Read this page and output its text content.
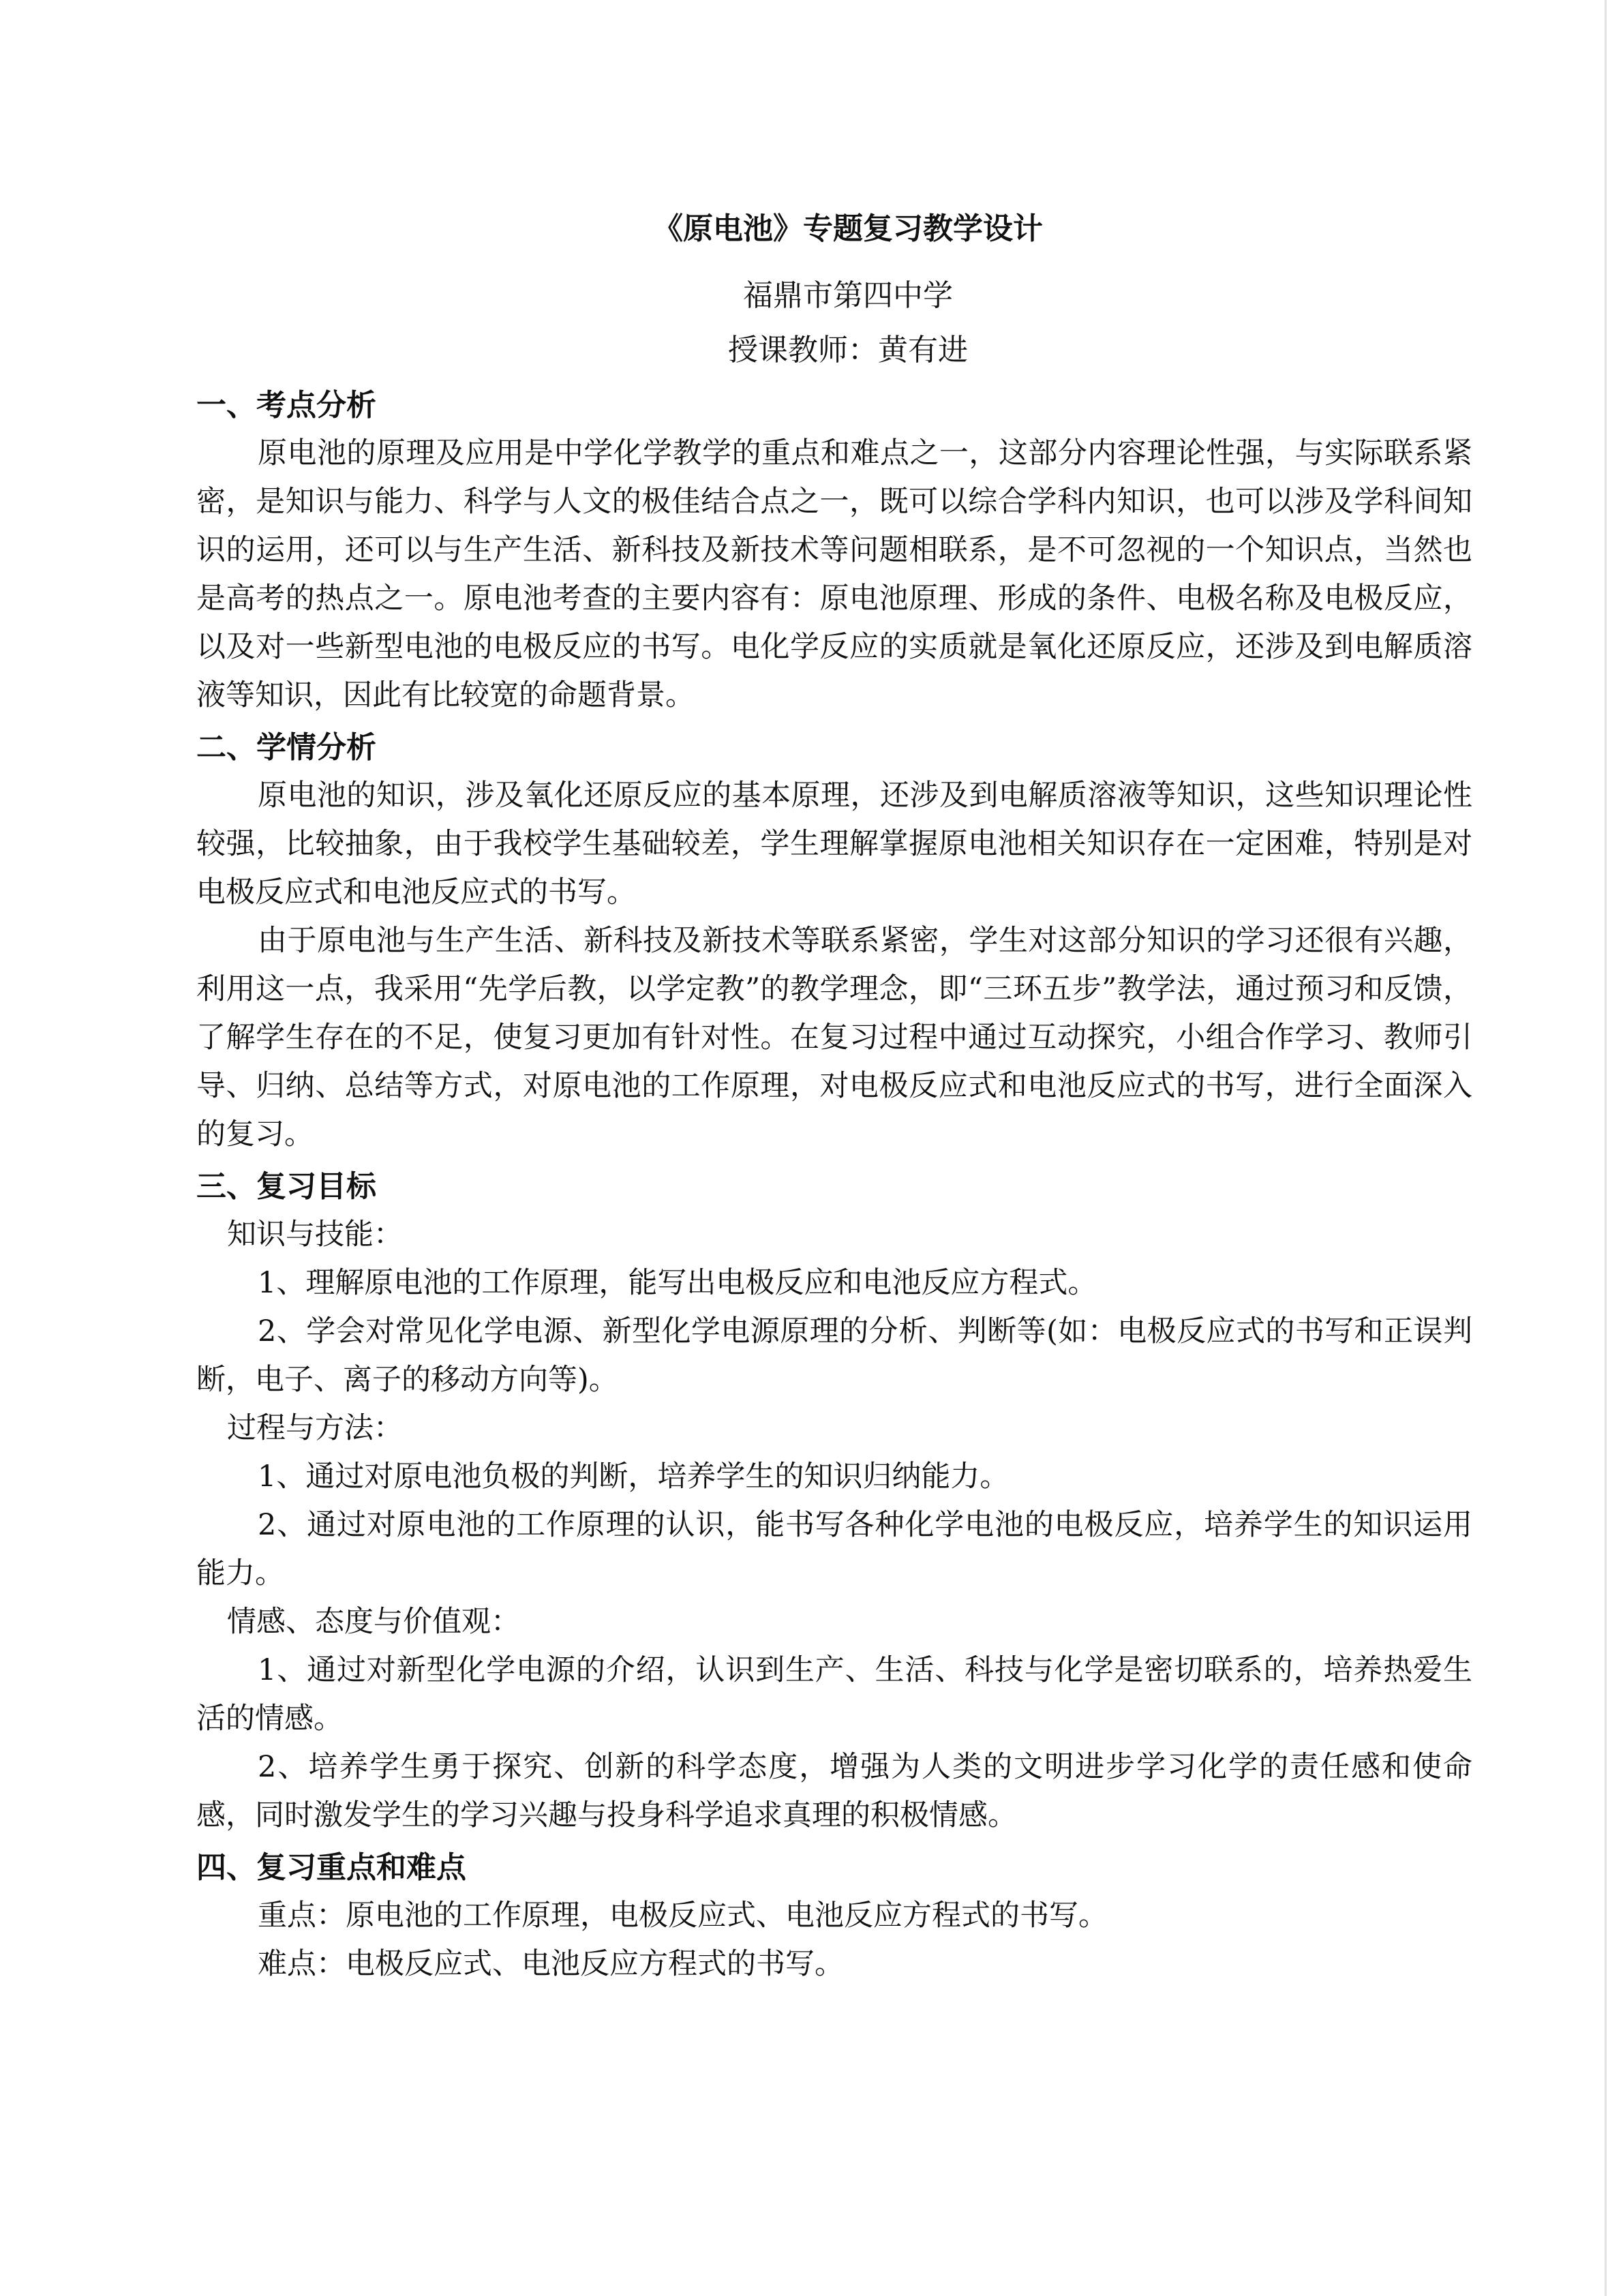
《原电池》专题复习教学设计
福鼎市第四中学
授课教师：黄有进
一、考点分析

原电池的原理及应用是中学化学教学的重点和难点之一，这部分内容理论性强，与实际联系紧密，是知识与能力、科学与人文的极佳结合点之一，既可以综合学科内知识，也可以涉及学科间知识的运用，还可以与生产生活、新科技及新技术等问题相联系，是不可忽视的一个知识点，当然也是高考的热点之一。原电池考查的主要内容有：原电池原理、形成的条件、电极名称及电极反应，以及对一些新型电池的电极反应的书写。电化学反应的实质就是氧化还原反应，还涉及到电解质溶液等知识，因此有比较宽的命题背景。

二、学情分析

原电池的知识，涉及氧化还原反应的基本原理，还涉及到电解质溶液等知识，这些知识理论性较强，比较抽象，由于我校学生基础较差，学生理解掌握原电池相关知识存在一定困难，特别是对电极反应式和电池反应式的书写。

由于原电池与生产生活、新科技及新技术等联系紧密，学生对这部分知识的学习还很有兴趣，利用这一点，我采用“先学后教，以学定教”的教学理念，即“三环五步”教学法，通过预习和反馈，了解学生存在的不足，使复习更加有针对性。在复习过程中通过互动探究，小组合作学习、教师引导、归纳、总结等方式，对原电池的工作原理，对电极反应式和电池反应式的书写，进行全面深入的复习。

三、复习目标
知识与技能：

1、理解原电池的工作原理，能写出电极反应和电池反应方程式。

2、学会对常见化学电源、新型化学电源原理的分析、判断等(如：电极反应式的书写和正误判断，电子、离子的移动方向等)。

过程与方法：

1、通过对原电池负极的判断，培养学生的知识归纳能力。

2、通过对原电池的工作原理的认识，能书写各种化学电池的电极反应，培养学生的知识运用能力。

情感、态度与价值观：

1、通过对新型化学电源的介绍，认识到生产、生活、科技与化学是密切联系的，培养热爱生活的情感。

2、培养学生勇于探究、创新的科学态度，增强为人类的文明进步学习化学的责任感和使命感，同时激发学生的学习兴趣与投身科学追求真理的积极情感。

四、复习重点和难点

重点：原电池的工作原理，电极反应式、电池反应方程式的书写。

难点：电极反应式、电池反应方程式的书写。
